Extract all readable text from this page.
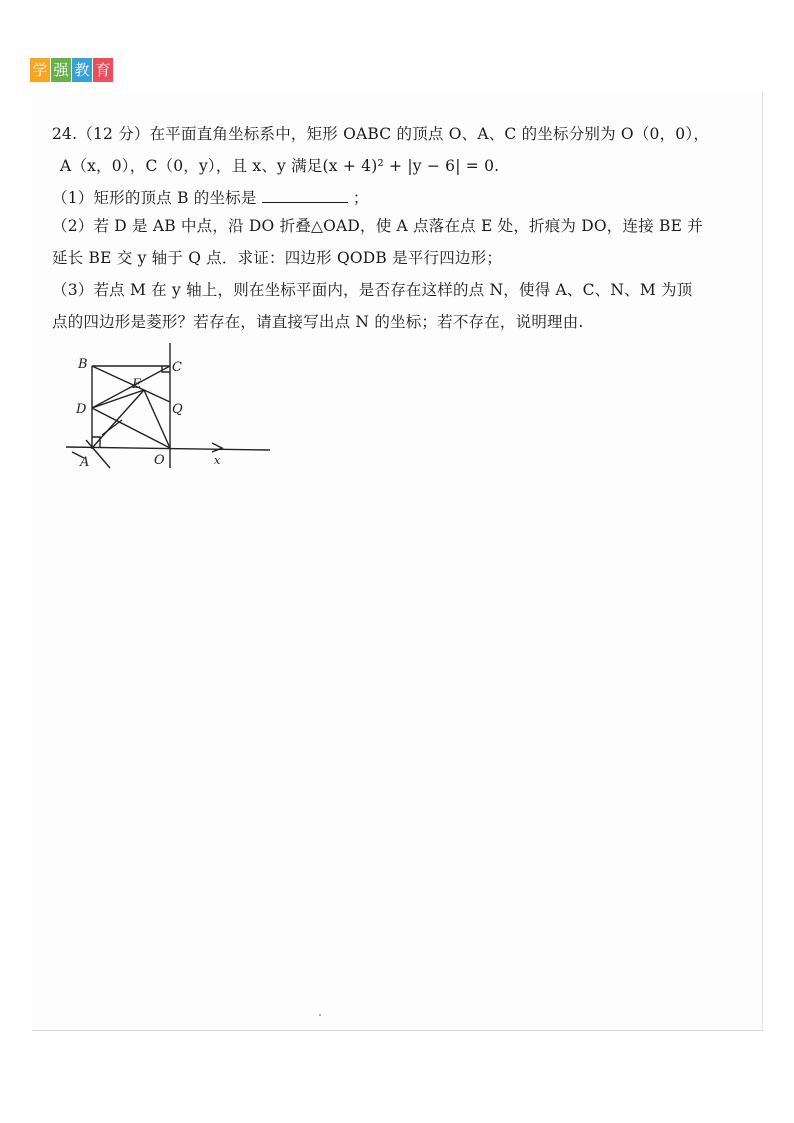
学 强 教 育
24.（12 分）在平面直角坐标系中，矩形 OABC 的顶点 O、A、C 的坐标分别为 O（0，0），
A（x，0），C（0，y），且 x、y 满足(x + 4)² + |y − 6| = 0.
（1）矩形的顶点 B 的坐标是	；
（2）若 D 是 AB 中点，沿 DO 折叠△OAD，使 A 点落在点 E 处，折痕为 DO，连接 BE 并
延长 BE 交 y 轴于 Q 点．求证：四边形 QODB 是平行四边形；
（3）若点 M 在 y 轴上，则在坐标平面内，是否存在这样的点 N，使得 A、C、N、M 为顶
点的四边形是菱形？若存在，请直接写出点 N 的坐标；若不存在，说明理由.
B	C
E
D	Q
A	O	x
